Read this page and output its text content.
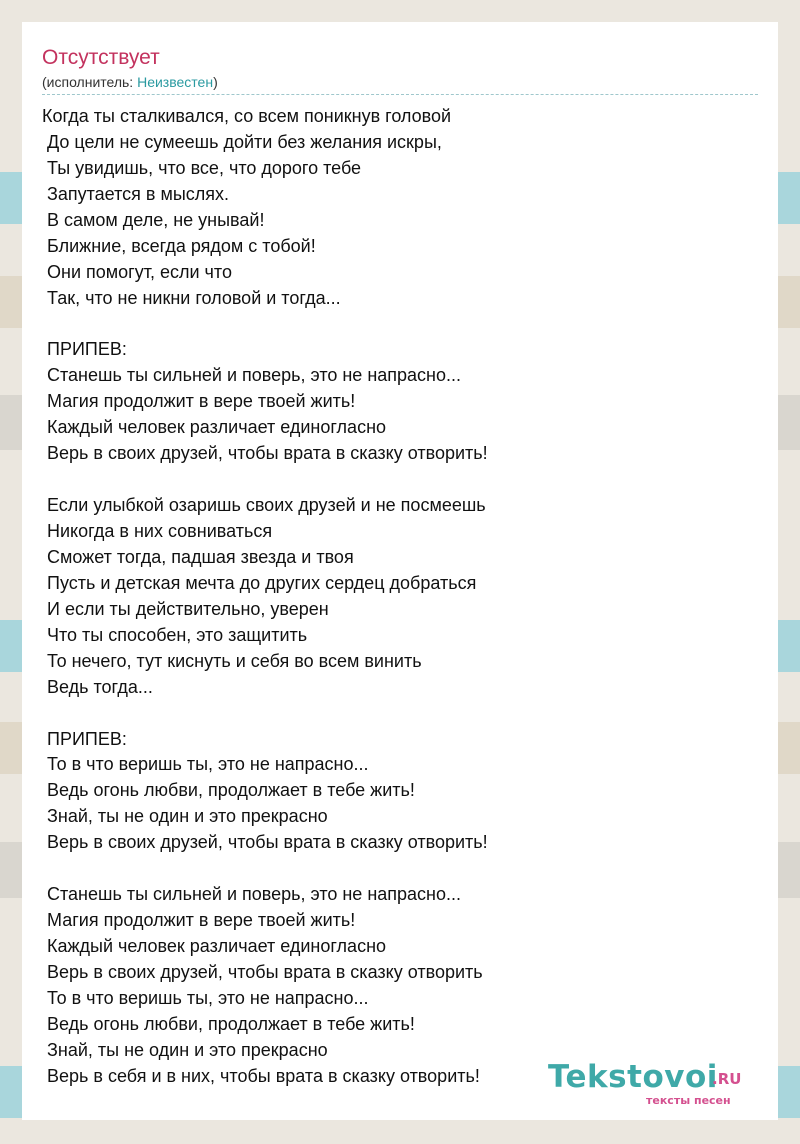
Отсутствует
(исполнитель: Неизвестен)
Когда ты сталкивался, со всем поникнув головой
До цели не сумеешь дойти без желания искры,
Ты увидишь, что все, что дорого тебе
Запутается в мыслях.
В самом деле, не унывай!
Ближние, всегда рядом с тобой!
Они помогут, если что
Так, что не никни головой и тогда...
ПРИПЕВ:
Станешь ты сильней и поверь, это не напрасно...
Магия продолжит в вере твоей жить!
Каждый человек различает единогласно
Верь в своих друзей, чтобы врата в сказку отворить!
Если улыбкой озаришь своих друзей и не посмеешь
Никогда в них совниваться
Сможет тогда, падшая звезда и твоя
Пусть и детская мечта до других сердец добраться
И если ты действительно, уверен
Что ты способен, это защитить
То нечего, тут киснуть и себя во всем винить
Ведь тогда...
ПРИПЕВ:
То в что веришь ты, это не напрасно...
Ведь огонь любви, продолжает в тебе жить!
Знай, ты не один и это прекрасно
Верь в своих друзей, чтобы врата в сказку отворить!
Станешь ты сильней и поверь, это не напрасно...
Магия продолжит в вере твоей жить!
Каждый человек различает единогласно
Верь в своих друзей, чтобы врата в сказку отворить
То в что веришь ты, это не напрасно...
Ведь огонь любви, продолжает в тебе жить!
Знай, ты не один и это прекрасно
Верь в себя и в них, чтобы врата в сказку отворить!	Tekstovoi
.RU
тексты песен
